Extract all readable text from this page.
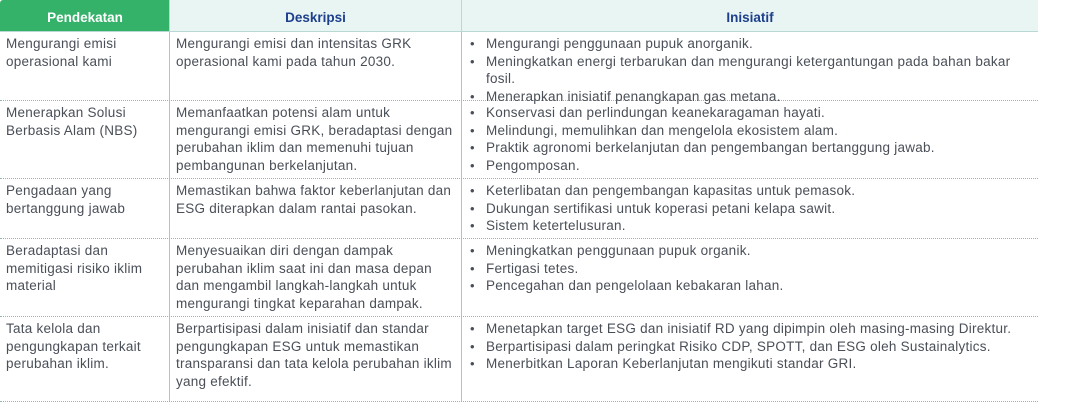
Pendekatan	Deskripsi	Inisiatif
Mengurangi emisi operasional kami
Mengurangi emisi dan intensitas GRK operasional kami pada tahun 2030.
• Mengurangi penggunaan pupuk anorganik.
• Meningkatkan energi terbarukan dan mengurangi ketergantungan pada bahan bakar fosil.
• Menerapkan inisiatif penangkapan gas metana.
Menerapkan Solusi Berbasis Alam (NBS)
Memanfaatkan potensi alam untuk mengurangi emisi GRK, beradaptasi dengan perubahan iklim dan memenuhi tujuan pembangunan berkelanjutan.
• Konservasi dan perlindungan keanekaragaman hayati.
• Melindungi, memulihkan dan mengelola ekosistem alam.
• Praktik agronomi berkelanjutan dan pengembangan bertanggung jawab.
• Pengomposan.
Pengadaan yang bertanggung jawab
Memastikan bahwa faktor keberlanjutan dan ESG diterapkan dalam rantai pasokan.
• Keterlibatan dan pengembangan kapasitas untuk pemasok.
• Dukungan sertifikasi untuk koperasi petani kelapa sawit.
• Sistem ketertelusuran.
Beradaptasi dan memitigasi risiko iklim material
Menyesuaikan diri dengan dampak perubahan iklim saat ini dan masa depan dan mengambil langkah-langkah untuk mengurangi tingkat keparahan dampak.
• Meningkatkan penggunaan pupuk organik.
• Fertigasi tetes.
• Pencegahan dan pengelolaan kebakaran lahan.
Tata kelola dan pengungkapan terkait perubahan iklim.
Berpartisipasi dalam inisiatif dan standar pengungkapan ESG untuk memastikan transparansi dan tata kelola perubahan iklim yang efektif.
• Menetapkan target ESG dan inisiatif RD yang dipimpin oleh masing-masing Direktur.
• Berpartisipasi dalam peringkat Risiko CDP, SPOTT, dan ESG oleh Sustainalytics.
• Menerbitkan Laporan Keberlanjutan mengikuti standar GRI.
